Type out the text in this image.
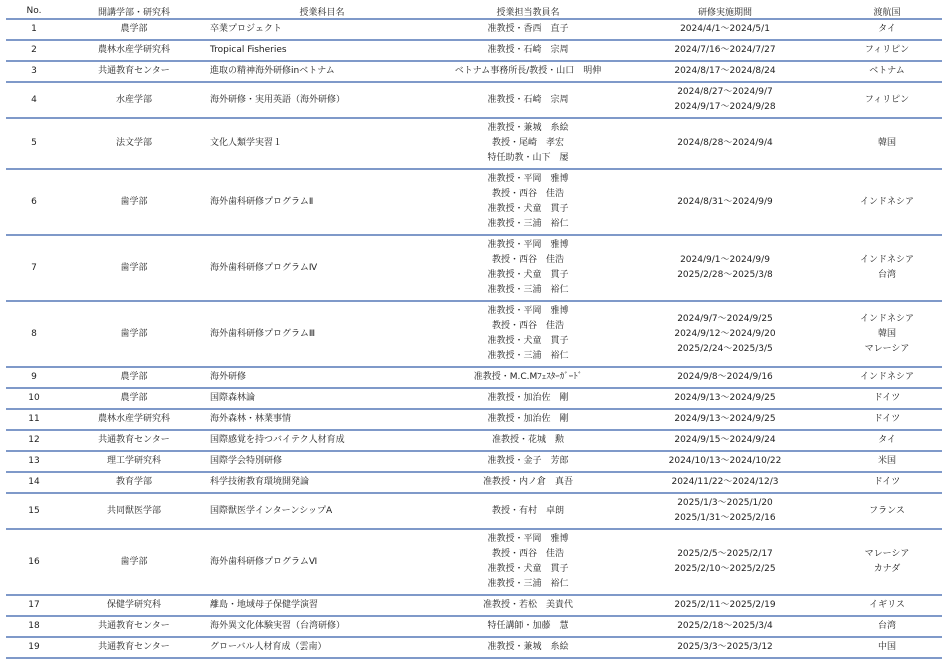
No.	開講学部・研究科	授業科目名	授業担当教員名	研修実施期間	渡航国
1	農学部	卒業プロジェクト	准教授・香西　直子	2024/4/1～2024/5/1	タイ

2	農林水産学研究科	Tropical Fisheries	准教授・石崎　宗周	2024/7/16～2024/7/27	フィリピン

3	共通教育センター	進取の精神海外研修inベトナム	ベトナム事務所長/教授・山口　明伸	2024/8/17～2024/8/24	ベトナム

4	水産学部	海外研修・実用英語（海外研修）	准教授・石崎　宗周	2024/8/27～2024/9/7
2024/9/17～2024/9/28	フィリピン

5	法文学部	文化人類学実習１	准教授・兼城　糸絵
教授・尾崎　孝宏
特任助教・山下　屡	2024/8/28～2024/9/4	韓国

6	歯学部	海外歯科研修プログラムⅡ	准教授・平岡　雅博
教授・西谷　佳浩
准教授・犬童　貫子
准教授・三浦　裕仁	2024/8/31～2024/9/9	インドネシア

7	歯学部	海外歯科研修プログラムⅣ	准教授・平岡　雅博
教授・西谷　佳浩
准教授・犬童　貫子
准教授・三浦　裕仁	2024/9/1～2024/9/9
2025/2/28～2025/3/8	インドネシア
台湾

8	歯学部	海外歯科研修プログラムⅢ	准教授・平岡　雅博
教授・西谷　佳浩
准教授・犬童　貫子
准教授・三浦　裕仁	2024/9/7～2024/9/25
2024/9/12～2024/9/20
2025/2/24～2025/3/5	インドネシア
韓国
マレーシア

9	農学部	海外研修	准教授・M.C.Mﾌｪｽﾀｰｶﾞｰﾄﾞ	2024/9/8～2024/9/16	インドネシア

10	農学部	国際森林論	准教授・加治佐　剛	2024/9/13～2024/9/25	ドイツ

11	農林水産学研究科	海外森林・林業事情	准教授・加治佐　剛	2024/9/13～2024/9/25	ドイツ

12	共通教育センター	国際感覚を持つバイテク人材育成	准教授・花城　勲	2024/9/15～2024/9/24	タイ

13	理工学研究科	国際学会特別研修	准教授・金子　芳郎	2024/10/13～2024/10/22	米国

14	教育学部	科学技術教育環境開発論	准教授・内ノ倉　真吾	2024/11/22～2024/12/3	ドイツ

15	共同獣医学部	国際獣医学インターンシップA	教授・有村　卓朗	2025/1/3～2025/1/20
2025/1/31～2025/2/16	フランス

16	歯学部	海外歯科研修プログラムⅥ	准教授・平岡　雅博
教授・西谷　佳浩
准教授・犬童　貫子
准教授・三浦　裕仁	2025/2/5～2025/2/17
2025/2/10～2025/2/25	マレーシア
カナダ

17	保健学研究科	離島・地域母子保健学演習	准教授・若松　美貴代	2025/2/11～2025/2/19	イギリス

18	共通教育センター	海外異文化体験実習（台湾研修）	特任講師・加藤　慧	2025/2/18～2025/3/4	台湾

19	共通教育センター	グローバル人材育成（雲南）	准教授・兼城　糸絵	2025/3/3～2025/3/12	中国
